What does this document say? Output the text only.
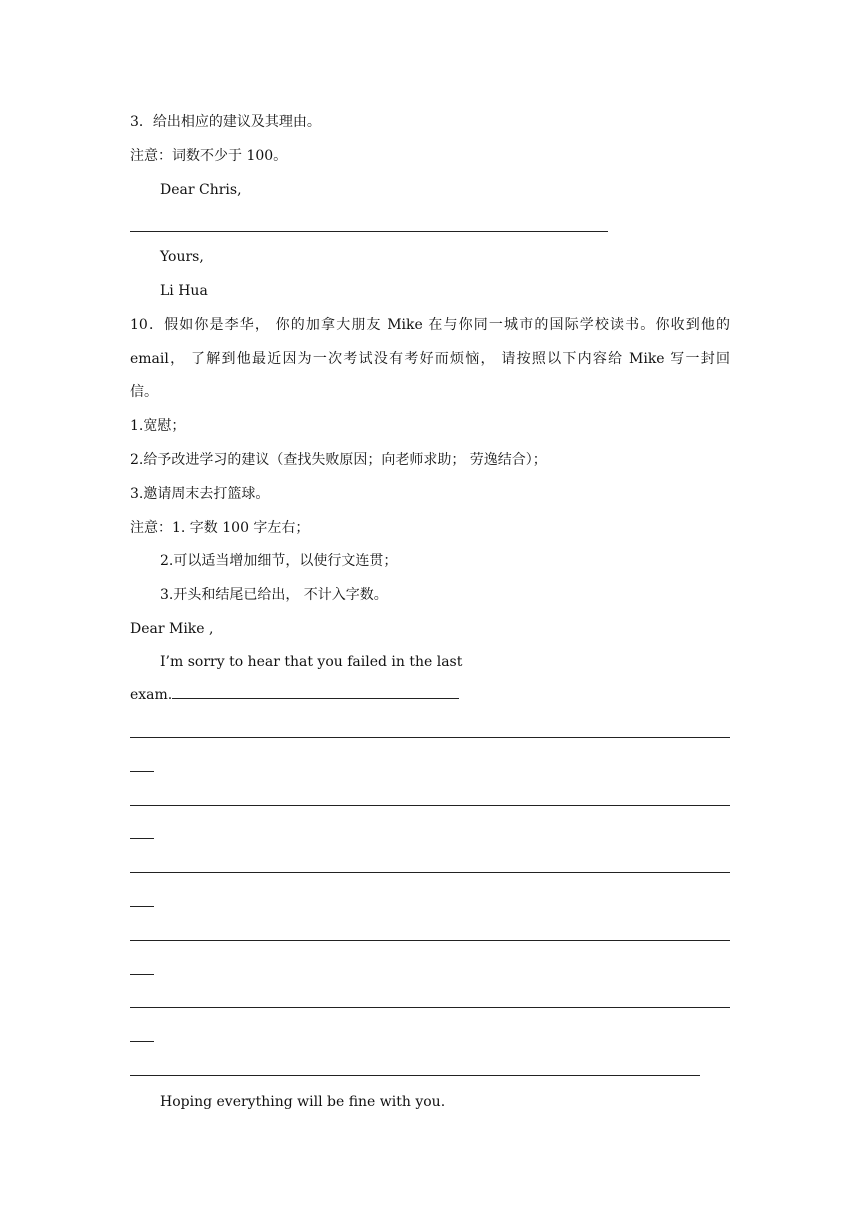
3．给出相应的建议及其理由。
注意：词数不少于 100。
Dear Chris,
Yours,
Li Hua
10．假如你是李华， 你的加拿大朋友 Mike 在与你同一城市的国际学校读书。你收到他的
email， 了解到他最近因为一次考试没有考好而烦恼， 请按照以下内容给 Mike 写一封回
信。
1.宽慰；
2.给予改进学习的建议（查找失败原因；向老师求助； 劳逸结合）；
3.邀请周末去打篮球。
注意：1. 字数 100 字左右；
2.可以适当增加细节，以使行文连贯；
3.开头和结尾已给出， 不计入字数。
Dear Mike ,
I’m sorry to hear that you failed in the last
exam.
Hoping everything will be fine with you.
